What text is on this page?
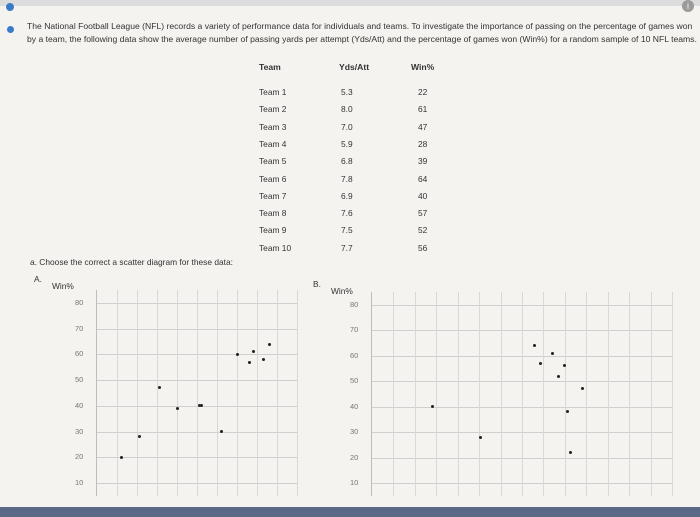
i
The National Football League (NFL) records a variety of performance data for individuals and teams. To investigate the importance of passing on the percentage of games won by a team, the following data show the average number of passing yards per attempt (Yds/Att) and the percentage of games won (Win%) for a random sample of 10 NFL teams.
Team	Yds/Att	Win%
Team 1	5.3	22
Team 2	8.0	61
Team 3	7.0	47
Team 4	5.9	28
Team 5	6.8	39
Team 6	7.8	64
Team 7	6.9	40
Team 8	7.6	57
Team 9	7.5	52
Team 10	7.7	56
a. Choose the correct a scatter diagram for these data:
A.
Win%	B.
Win%
80
70
60
50
40
30
20
10
80
70
60
50
40
30
20
10
